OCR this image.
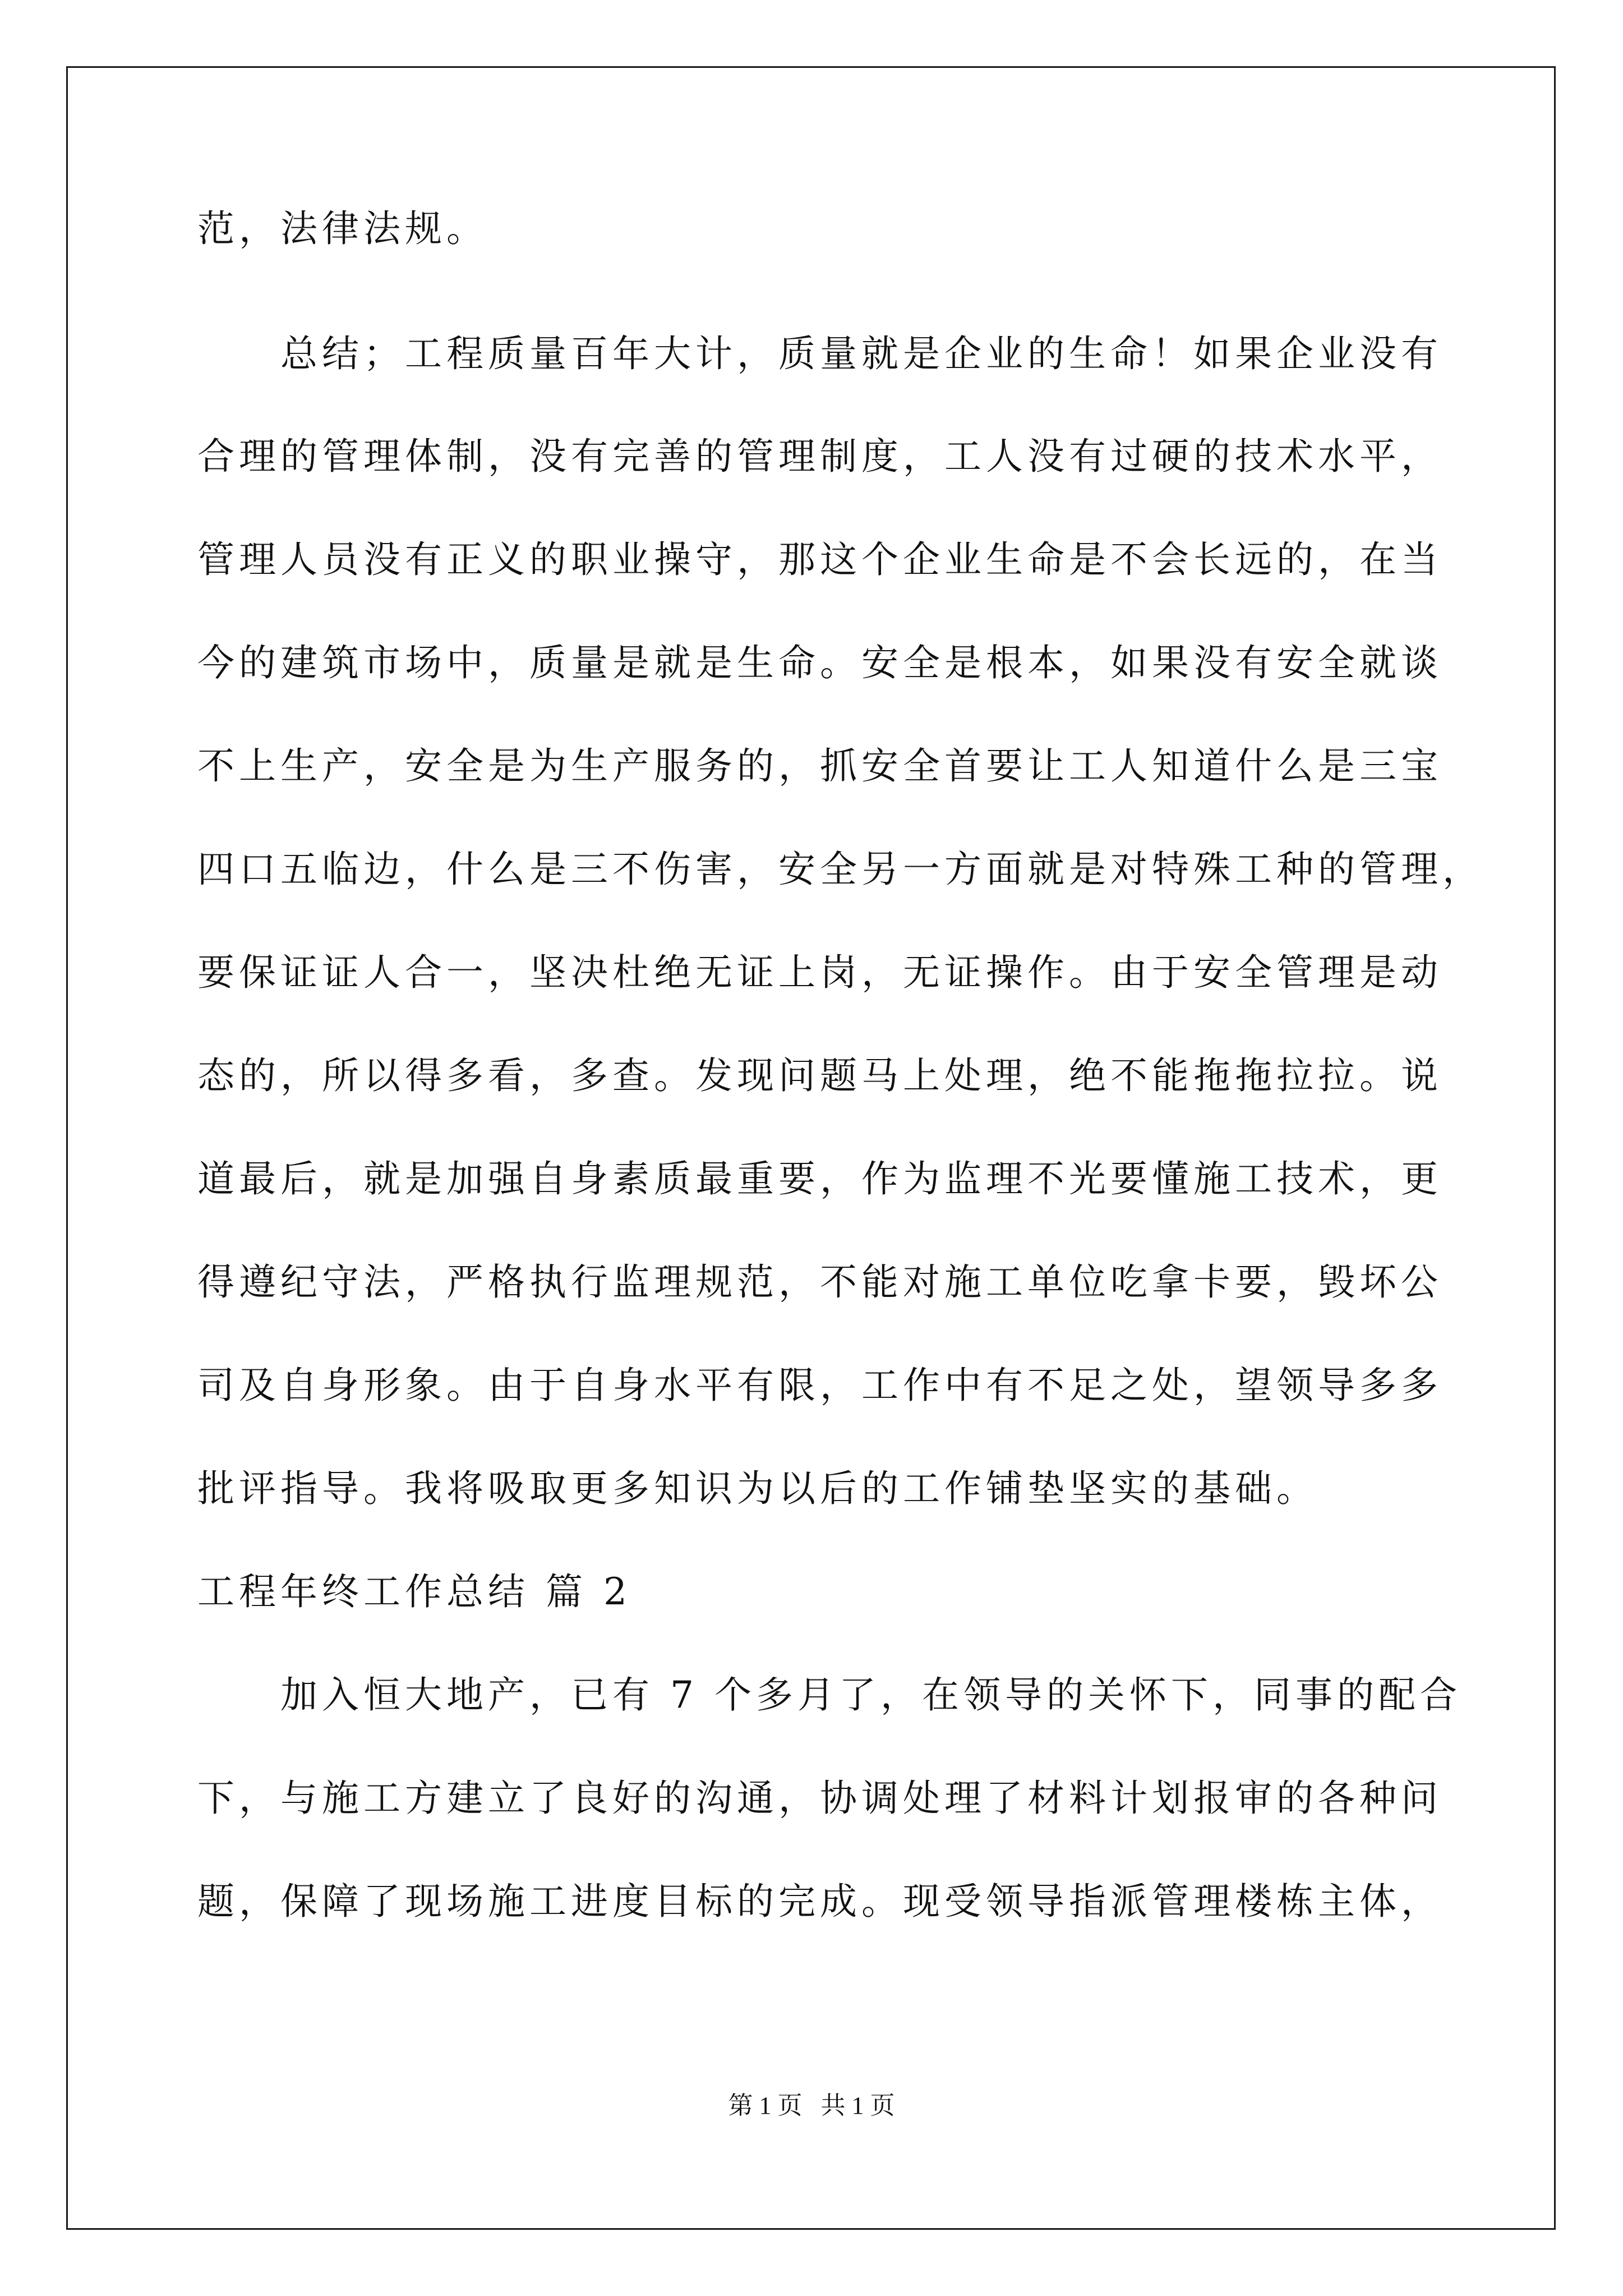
范，法律法规。
总结；工程质量百年大计，质量就是企业的生命！如果企业没有
合理的管理体制，没有完善的管理制度，工人没有过硬的技术水平，
管理人员没有正义的职业操守，那这个企业生命是不会长远的，在当
今的建筑市场中，质量是就是生命。安全是根本，如果没有安全就谈
不上生产，安全是为生产服务的，抓安全首要让工人知道什么是三宝
四口五临边，什么是三不伤害，安全另一方面就是对特殊工种的管理，
要保证证人合一，坚决杜绝无证上岗，无证操作。由于安全管理是动
态的，所以得多看，多查。发现问题马上处理，绝不能拖拖拉拉。说
道最后，就是加强自身素质最重要，作为监理不光要懂施工技术，更
得遵纪守法，严格执行监理规范，不能对施工单位吃拿卡要，毁坏公
司及自身形象。由于自身水平有限，工作中有不足之处，望领导多多
批评指导。我将吸取更多知识为以后的工作铺垫坚实的基础。
工程年终工作总结 篇 2
加入恒大地产，已有 7 个多月了，在领导的关怀下，同事的配合
下，与施工方建立了良好的沟通，协调处理了材料计划报审的各种问
题，保障了现场施工进度目标的完成。现受领导指派管理楼栋主体，
第 1 页   共 1 页
